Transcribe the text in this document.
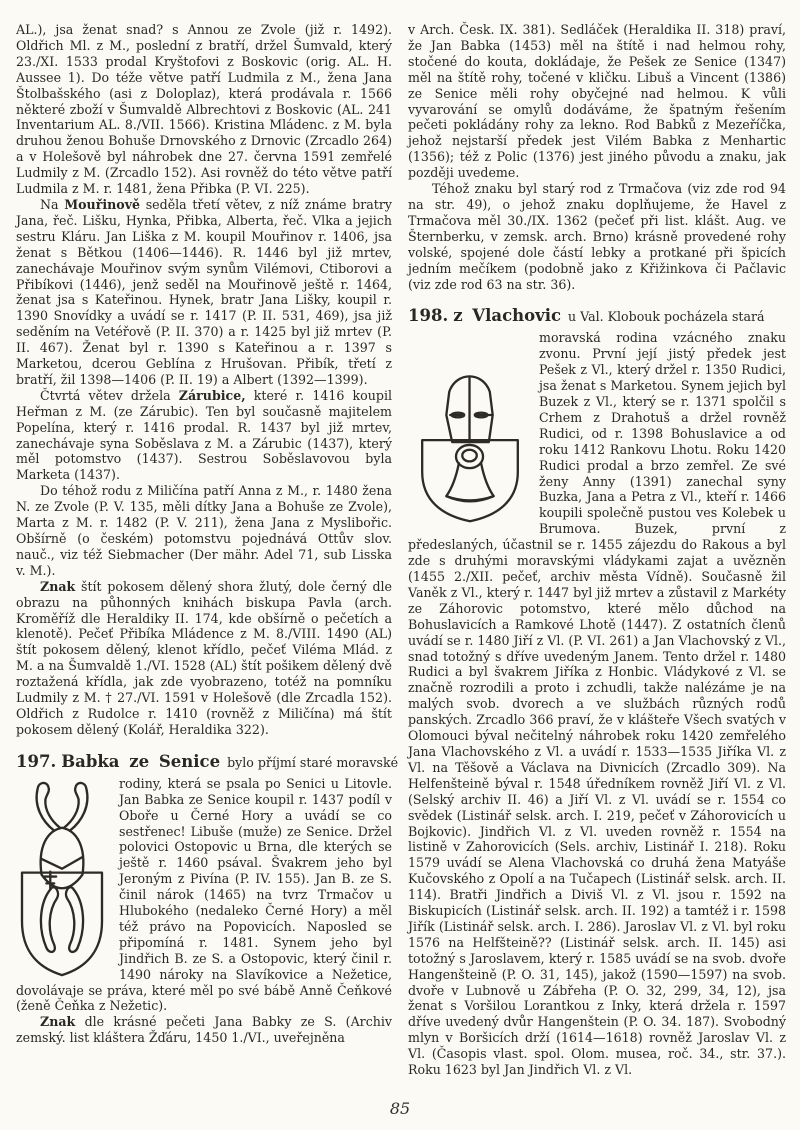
AL.), jsa ženat snad? s Annou ze Zvole (již r. 1492). Oldřich Ml. z M., poslední z bratří, držel Šumvald, který 23./XI. 1533 prodal Kryštofovi z Boskovic (orig. AL. H. Aussee 1). Do téže větve patří Ludmila z M., žena Jana Štolbašského (asi z Doloplaz), která prodávala r. 1566 některé zboží v Šumvaldě Albrechtovi z Boskovic (AL. 241 Inventarium AL. 8./VII. 1566). Kristina Mládenc. z M. byla druhou ženou Bohuše Drnovského z Drnovic (Zrcadlo 264) a v Holešově byl náhrobek dne 27. června 1591 zemřelé Ludmily z M. (Zrcadlo 152). Asi rovněž do této větve patří Ludmila z M. r. 1481, žena Přibka (P. VI. 225).

Na Mouřinově seděla třetí větev, z níž známe bratry Jana, řeč. Lišku, Hynka, Přibka, Alberta, řeč. Vlka a jejich sestru Kláru. Jan Liška z M. koupil Mouřinov r. 1406, jsa ženat s Bětkou (1406—1446). R. 1446 byl již mrtev, zanechávaje Mouřinov svým synům Vilémovi, Ctiborovi a Přibíkovi (1446), jenž seděl na Mouřinově ještě r. 1464, ženat jsa s Kateřinou. Hynek, bratr Jana Lišky, koupil r. 1390 Snovídky a uvádí se r. 1417 (P. II. 531, 469), jsa již seděním na Vetéřově (P. II. 370) a r. 1425 byl již mrtev (P. II. 467). Ženat byl r. 1390 s Kateřinou a r. 1397 s Marketou, dcerou Geblína z Hrušovan. Přibík, třetí z bratří, žil 1398—1406 (P. II. 19) a Albert (1392—1399).

Čtvrtá větev držela Zárubice, které r. 1416 koupil Heřman z M. (ze Zárubic). Ten byl současně majitelem Popelína, který r. 1416 prodal. R. 1437 byl již mrtev, zanechávaje syna Soběslava z M. a Zárubic (1437), který měl potomstvo (1437). Sestrou Soběslavovou byla Marketa (1437).

Do téhož rodu z Miličína patří Anna z M., r. 1480 žena N. ze Zvole (P. V. 135, měli dítky Jana a Bohuše ze Zvole), Marta z M. r. 1482 (P. V. 211), žena Jana z Myslibořic. Obšírně (o českém) potomstvu pojednává Ottův slov. nauč., viz též Siebmacher (Der mähr. Adel 71, sub Lisska v. M.).

Znak štít pokosem dělený shora žlutý, dole černý dle obrazu na půhonných knihách biskupa Pavla (arch. Kroměříž dle Heraldiky II. 174, kde obšírně o pečetích a klenotě). Pečeť Přibíka Mládence z M. 8./VIII. 1490 (AL) štít pokosem dělený, klenot křídlo, pečeť Viléma Mlád. z M. a na Šumvaldě 1./VI. 1528 (AL) štít pošikem dělený dvě roztažená křídla, jak zde vyobrazeno, totéž na pomníku Ludmily z M. † 27./VI. 1591 v Holešově (dle Zrcadla 152). Oldřich z Rudolce r. 1410 (rovněž z Miličína) má štít pokosem dělený (Kolář, Heraldika 322).

197. Babka ze Senice bylo příjmí staré moravské

rodiny, která se psala po Senici u Litovle. Jan Babka ze Senice koupil r. 1437 podíl v Oboře u Černé Hory a uvádí se co sestřenec! Libuše (muže) ze Senice. Držel polovici Ostopovic u Brna, dle kterých se ještě r. 1460 psával. Švakrem jeho byl Jeroným z Pivína (P. IV. 155). Jan B. ze S. činil nárok (1465) na tvrz Trmačov u Hlubokého (nedaleko Černé Hory) a měl též právo na Popovicích. Naposled se připomíná r. 1481. Synem jeho byl Jindřich B. ze S. a Ostopovic, který činil r. 1490 nároky na Slavíkovice a Nežetice, dovolávaje se práva, které měl po své bábě Anně Čeňkové (ženě Čeňka z Nežetic).

Znak dle krásné pečeti Jana Babky ze S. (Archiv zemský. list kláštera Žďáru, 1450 1./VI., uveřejněna

v Arch. Česk. IX. 381). Sedláček (Heraldika II. 318) praví, že Jan Babka (1453) měl na štítě i nad helmou rohy, stočené do kouta, dokládaje, že Pešek ze Senice (1347) měl na štítě rohy, točené v kličku. Libuš a Vincent (1386) ze Senice měli rohy obyčejné nad helmou. K vůli vyvarování se omylů dodáváme, že špatným řešením pečeti pokládány rohy za lekno. Rod Babků z Mezeříčka, jehož nejstarší předek jest Vilém Babka z Menhartic (1356); též z Polic (1376) jest jiného původu a znaku, jak později uvedeme.

Téhož znaku byl starý rod z Trmačova (viz zde rod 94 na str. 49), o jehož znaku doplňujeme, že Havel z Trmačova měl 30./IX. 1362 (pečeť při list. klášt. Aug. ve Šternberku, v zemsk. arch. Brno) krásně provedené rohy volské, spojené dole částí lebky a protkané při špicích jedním mečíkem (podobně jako z Křižinkova či Pačlavic (viz zde rod 63 na str. 36).

198. z Vlachovic u Val. Klobouk pocházela stará

moravská rodina vzácného znaku zvonu. První její jistý předek jest Pešek z Vl., který držel r. 1350 Rudici, jsa ženat s Marketou. Synem jejich byl Buzek z Vl., který se r. 1371 spolčil s Crhem z Drahotuš a držel rovněž Rudici, od r. 1398 Bohuslavice a od roku 1412 Rankovu Lhotu. Roku 1420 Rudici prodal a brzo zemřel. Ze své ženy Anny (1391) zanechal syny Buzka, Jana a Petra z Vl., kteří r. 1466 koupili společně pustou ves Kolebek u Brumova. Buzek, první z předeslaných, účastnil se r. 1455 zájezdu do Rakous a byl zde s druhými moravskými vládykami zajat a uvězněn (1455 2./XII. pečeť, archiv města Vídně). Současně žil Vaněk z Vl., který r. 1447 byl již mrtev a zůstavil z Markéty ze Záhorovic potomstvo, které mělo důchod na Bohuslavicích a Ramkové Lhotě (1447). Z ostatních členů uvádí se r. 1480 Jiří z Vl. (P. VI. 261) a Jan Vlachovský z Vl., snad totožný s dříve uvedeným Janem. Tento držel r. 1480 Rudici a byl švakrem Jiříka z Honbic. Vládykové z Vl. se značně rozrodili a proto i zchudli, takže nalézáme je na malých svob. dvorech a ve službách různých rodů panských. Zrcadlo 366 praví, že v klášteře Všech svatých v Olomouci býval nečitelný náhrobek roku 1420 zemřelého Jana Vlachovského z Vl. a uvádí r. 1533—1535 Jiříka Vl. z Vl. na Těšově a Václava na Divnicích (Zrcadlo 309). Na Helfenšteině býval r. 1548 úředníkem rovněž Jiří Vl. z Vl. (Selský archiv II. 46) a Jiří Vl. z Vl. uvádí se r. 1554 co svědek (Listinář selsk. arch. I. 219, pečeť v Záhorovicích u Bojkovic). Jindřich Vl. z Vl. uveden rovněž r. 1554 na listině v Zahorovicích (Sels. archiv, Listinář I. 218). Roku 1579 uvádí se Alena Vlachovská co druhá žena Matyáše Kučovského z Opolí a na Tučapech (Listinář selsk. arch. II. 114). Bratři Jindřich a Diviš Vl. z Vl. jsou r. 1592 na Biskupicích (Listinář selsk. arch. II. 192) a tamtéž i r. 1598 Jiřík (Listinář selsk. arch. I. 286). Jaroslav Vl. z Vl. byl roku 1576 na Helfšteině?? (Listinář selsk. arch. II. 145) asi totožný s Jaroslavem, který r. 1585 uvádí se na svob. dvoře Hangenšteině (P. O. 31, 145), jakož (1590—1597) na svob. dvoře v Lubnově u Zábřeha (P. O. 32, 299, 34, 12), jsa ženat s Voršilou Lorantkou z Inky, která držela r. 1597 dříve uvedený dvůr Hangenštein (P. O. 34. 187). Svobodný mlyn v Boršicích drží (1614—1618) rovněž Jaroslav Vl. z Vl. (Časopis vlast. spol. Olom. musea, roč. 34., str. 37.). Roku 1623 byl Jan Jindřich Vl. z Vl.
85
